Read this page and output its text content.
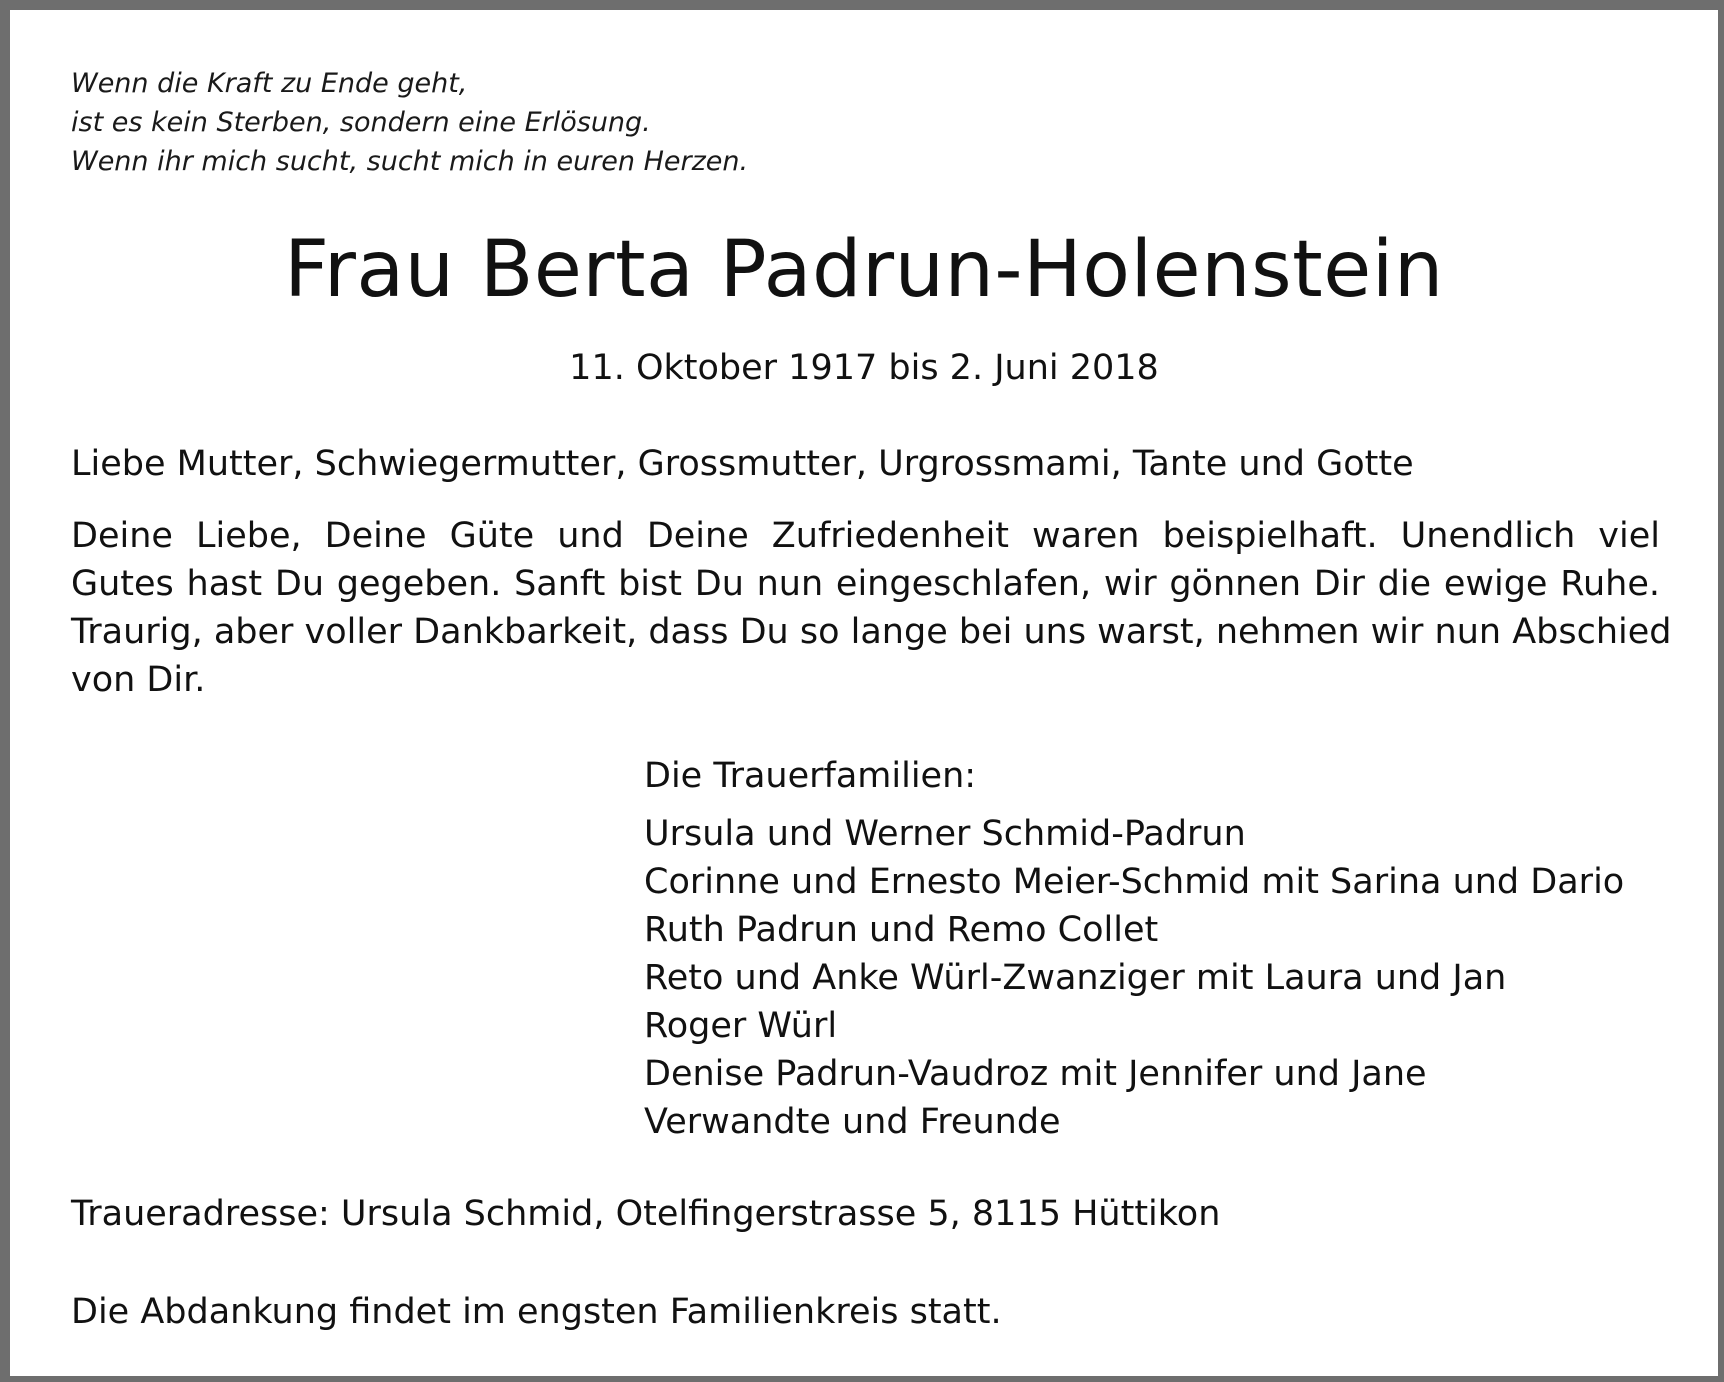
Wenn die Kraft zu Ende geht,
ist es kein Sterben, sondern eine Erlösung.
Wenn ihr mich sucht, sucht mich in euren Herzen.
Frau Berta Padrun-Holenstein
11. Oktober 1917 bis 2. Juni 2018
Liebe Mutter, Schwiegermutter, Grossmutter, Urgrossmami, Tante und Gotte
Deine Liebe, Deine Güte und Deine Zufriedenheit waren beispielhaft. Unendlich viel
Gutes hast Du gegeben. Sanft bist Du nun eingeschlafen, wir gönnen Dir die ewige Ruhe.
Traurig, aber voller Dankbarkeit, dass Du so lange bei uns warst, nehmen wir nun Abschied
von Dir.
Die Trauerfamilien:
Ursula und Werner Schmid-Padrun
Corinne und Ernesto Meier-Schmid mit Sarina und Dario
Ruth Padrun und Remo Collet
Reto und Anke Würl-Zwanziger mit Laura und Jan
Roger Würl
Denise Padrun-Vaudroz mit Jennifer und Jane
Verwandte und Freunde
Traueradresse: Ursula Schmid, Otelfingerstrasse 5, 8115 Hüttikon
Die Abdankung findet im engsten Familienkreis statt.
